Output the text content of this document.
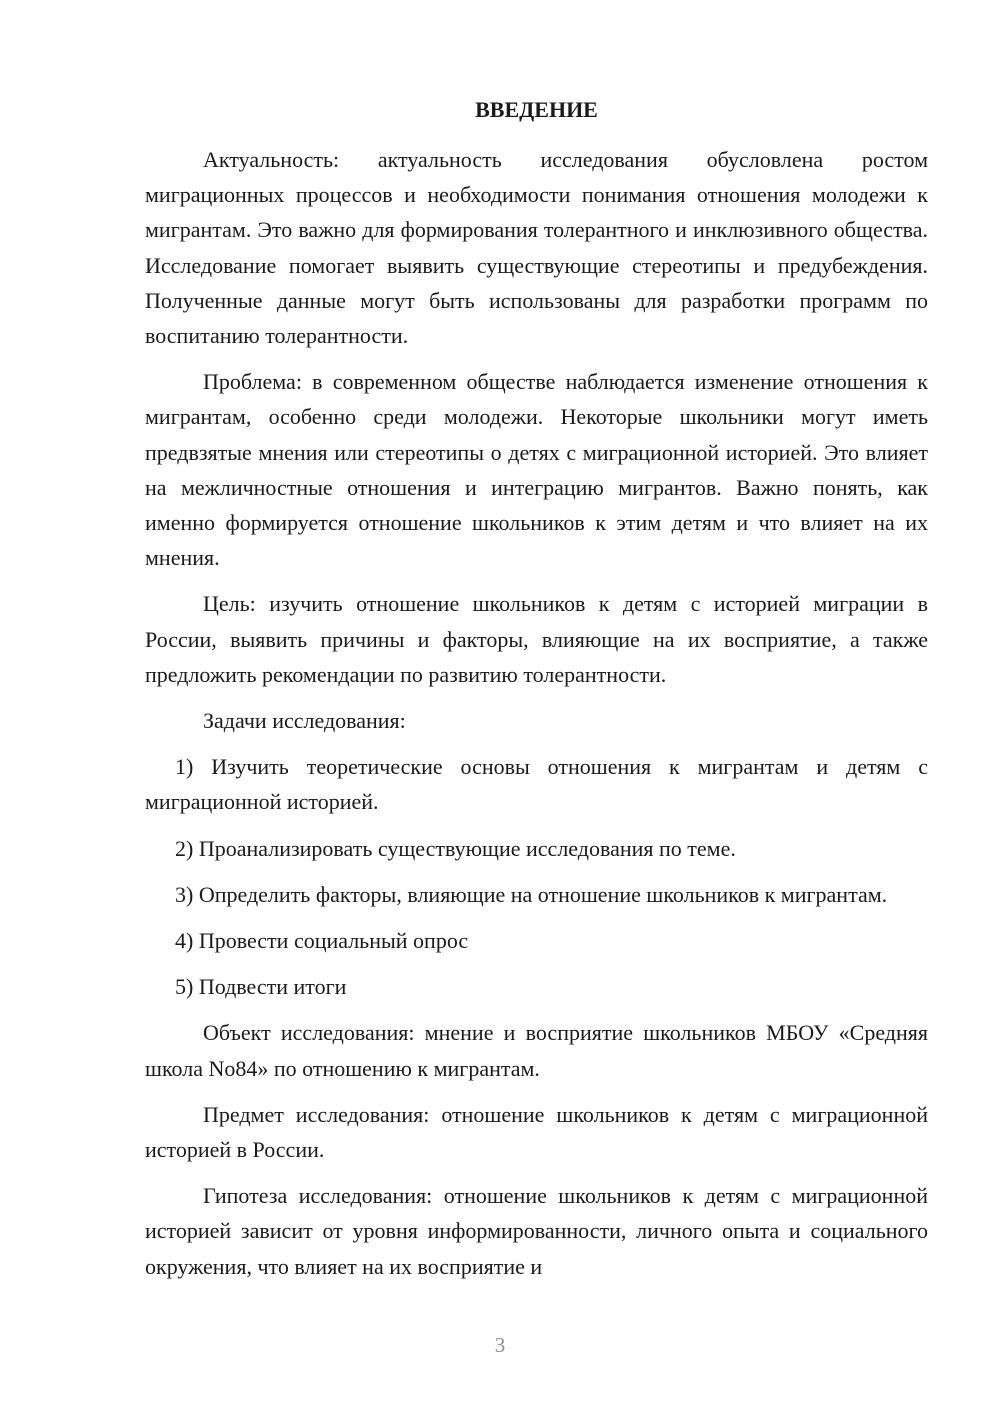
ВВЕДЕНИЕ

Актуальность: актуальность исследования обусловлена ростом миграционных процессов и необходимости понимания отношения молодежи к мигрантам. Это важно для формирования толерантного и инклюзивного общества. Исследование помогает выявить существующие стереотипы и предубеждения. Полученные данные могут быть использованы для разработки программ по воспитанию толерантности.

Проблема: в современном обществе наблюдается изменение отношения к мигрантам, особенно среди молодежи. Некоторые школьники могут иметь предвзятые мнения или стереотипы о детях с миграционной историей. Это влияет на межличностные отношения и интеграцию мигрантов. Важно понять, как именно формируется отношение школьников к этим детям и что влияет на их мнения.

Цель: изучить отношение школьников к детям с историей миграции в России, выявить причины и факторы, влияющие на их восприятие, а также предложить рекомендации по развитию толерантности.

Задачи исследования:

1) Изучить теоретические основы отношения к мигрантам и детям с миграционной историей.

2) Проанализировать существующие исследования по теме.

3) Определить факторы, влияющие на отношение школьников к мигрантам.

4) Провести социальный опрос

5) Подвести итоги

Объект исследования: мнение и восприятие школьников МБОУ «Средняя школа No84» по отношению к мигрантам.

Предмет исследования: отношение школьников к детям с миграционной историей в России.

Гипотеза исследования: отношение школьников к детям с миграционной историей зависит от уровня информированности, личного опыта и социального окружения, что влияет на их восприятие и

3
